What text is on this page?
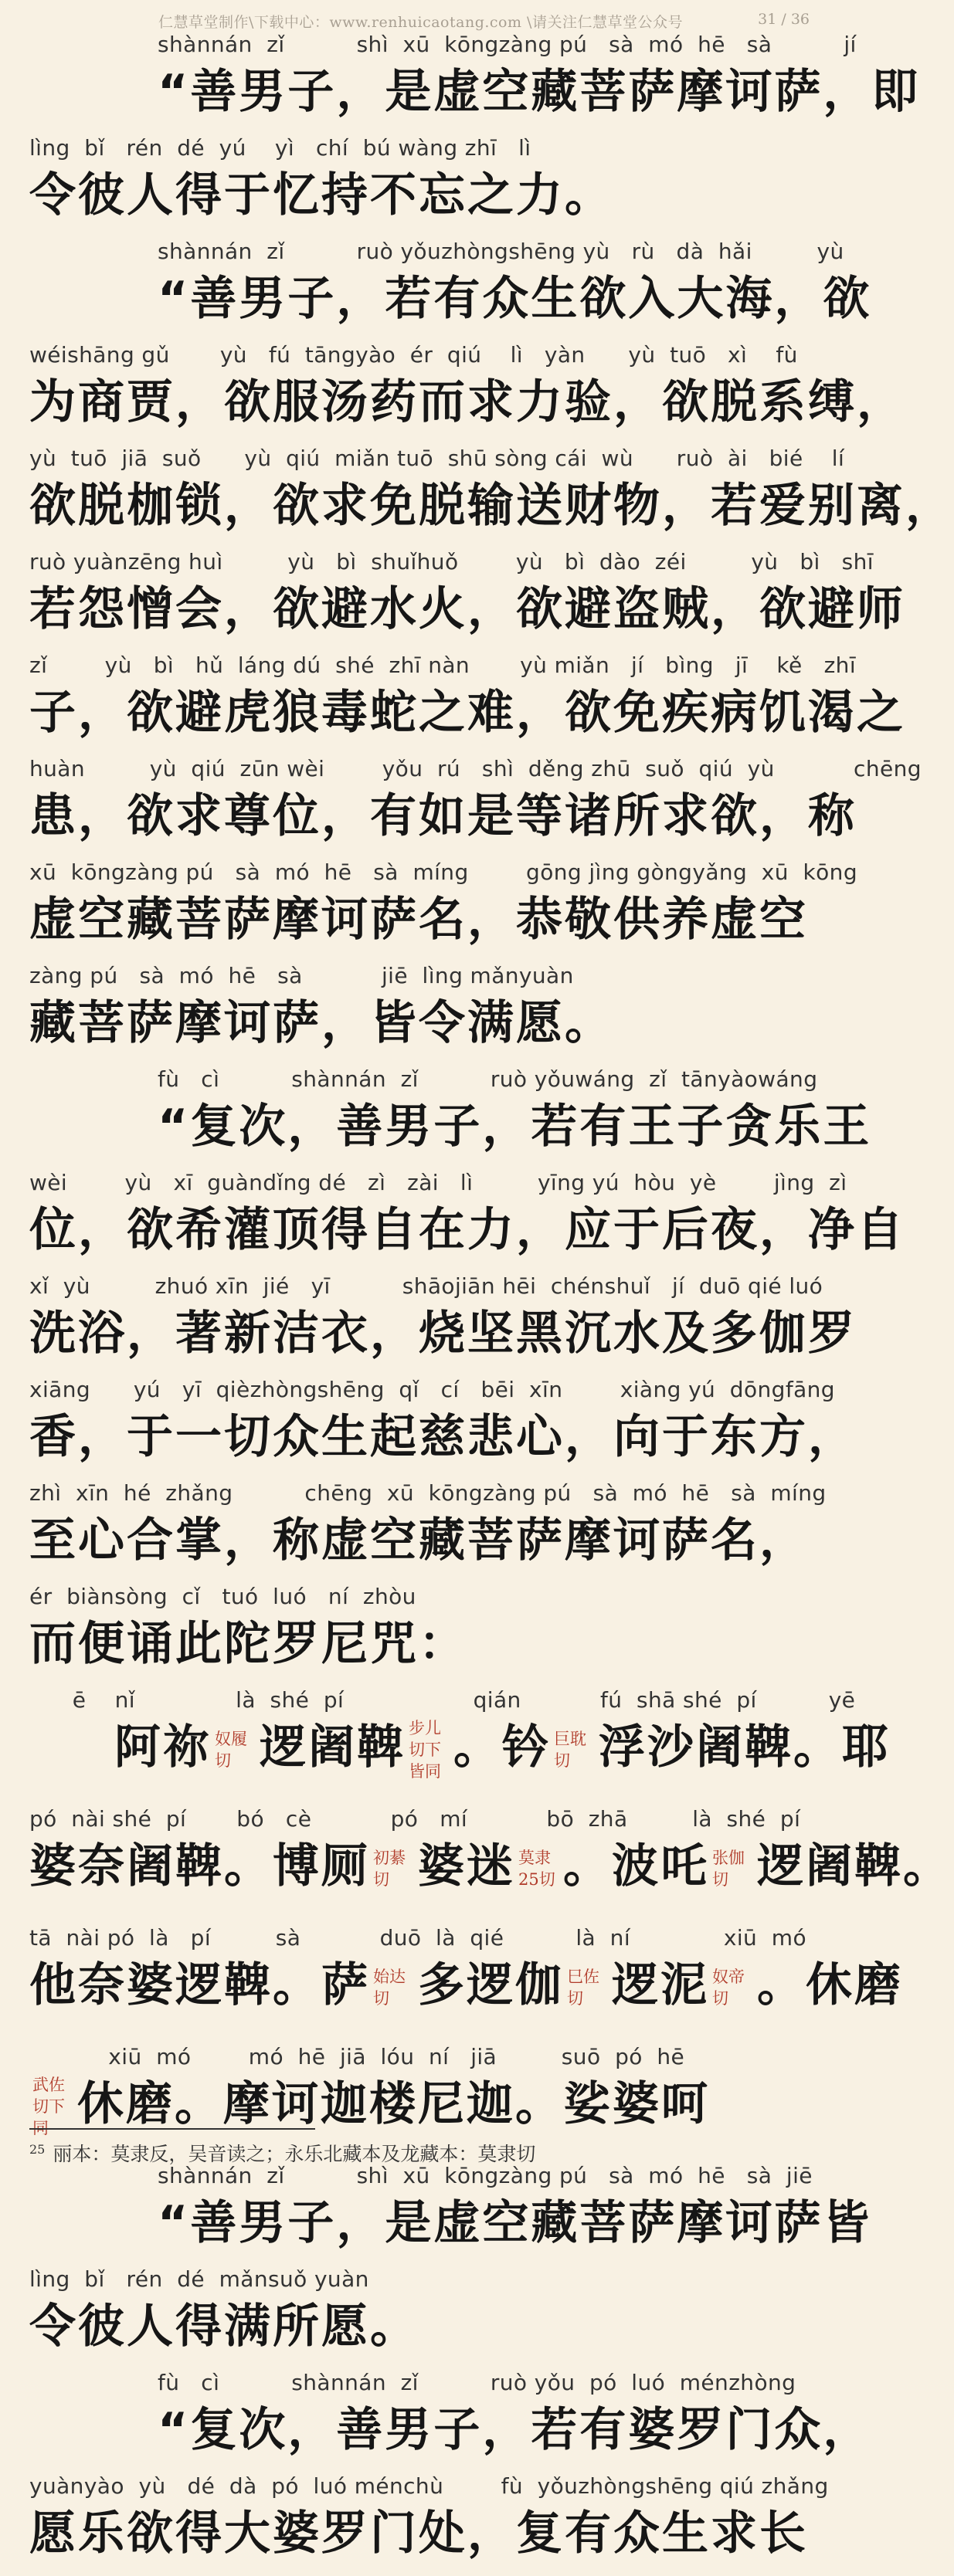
仁慧草堂制作\下载中心：www.renhuicaotang.com \请关注仁慧草堂公众号	31 / 36
shànnán  zǐ          shì  xū  kōngzàng pú   sà  mó  hē   sà          jí
“善男子，是虚空藏菩萨摩诃萨，即
lìng  bǐ   rén  dé  yú    yì   chí  bú wàng zhī   lì
令彼人得于忆持不忘之力。
shànnán  zǐ          ruò yǒuzhòngshēng yù   rù   dà  hǎi         yù
“善男子，若有众生欲入大海，欲
wéishāng gǔ       yù   fú  tāngyào  ér  qiú    lì   yàn      yù  tuō   xì    fù
为商贾，欲服汤药而求力验，欲脱系缚，
yù  tuō  jiā  suǒ      yù  qiú  miǎn tuō  shū sòng cái  wù      ruò  ài   bié    lí
欲脱枷锁，欲求免脱输送财物，若爱别离，
ruò yuànzēng huì         yù   bì  shuǐhuǒ        yù   bì  dào  zéi         yù   bì   shī
若怨憎会，欲避水火，欲避盗贼，欲避师
zǐ        yù   bì   hǔ  láng dú  shé  zhī nàn       yù miǎn   jí   bìng   jī    kě   zhī
子，欲避虎狼毒蛇之难，欲免疾病饥渴之
huàn         yù  qiú  zūn wèi        yǒu  rú   shì  děng zhū  suǒ  qiú  yù           chēng
患，欲求尊位，有如是等诸所求欲，称
xū  kōngzàng pú   sà  mó  hē   sà  míng        gōng jìng gòngyǎng  xū  kōng
虚空藏菩萨摩诃萨名，恭敬供养虚空
zàng pú   sà  mó  hē   sà           jiē  lìng mǎnyuàn
藏菩萨摩诃萨，皆令满愿。
fù   cì          shànnán  zǐ          ruò yǒuwáng  zǐ  tānyàowáng
“复次，善男子，若有王子贪乐王
wèi        yù   xī  guàndǐng dé   zì   zài   lì         yīng yú  hòu  yè        jìng  zì
位，欲希灌顶得自在力，应于后夜，净自
xǐ  yù         zhuó xīn  jié   yī          shāojiān hēi  chénshuǐ   jí  duō qié luó
洗浴，著新洁衣，烧坚黑沉水及多伽罗
xiāng      yú   yī  qièzhòngshēng  qǐ   cí   bēi  xīn        xiàng yú  dōngfāng
香，于一切众生起慈悲心，向于东方，
zhì  xīn  hé  zhǎng          chēng  xū  kōngzàng pú   sà  mó  hē   sà  míng
至心合掌，称虚空藏菩萨摩诃萨名，
ér  biànsòng  cǐ   tuó  luó   ní  zhòu
而便诵此陀罗尼咒：
ē    nǐ              là  shé  pí                  qián           fú  shā shé  pí          yē
阿祢 奴履切 逻阇鞞 步儿切下皆同 。钤 巨耽切 浮沙阇鞞。耶
pó  nài shé  pí       bó   cè           pó   mí           bō  zhā         là  shé  pí
婆奈阇鞞。博厕 初綦切 婆迷 莫隶25切 。波吒 张伽切 逻阇鞞。
tā  nài pó  là   pí         sà           duō  là  qié          là  ní             xiū  mó
他奈婆逻鞞。萨 始达切 多逻伽 巳佐切 逻泥 奴帝切 。休磨
xiū  mó        mó  hē  jiā  lóu  ní   jiā         suō  pó  hē
武佐切下同 休磨。摩诃迦楼尼迦。娑婆呵
shànnán  zǐ          shì  xū  kōngzàng pú   sà  mó  hē   sà  jiē
“善男子，是虚空藏菩萨摩诃萨皆
lìng  bǐ   rén  dé  mǎnsuǒ yuàn
令彼人得满所愿。
fù   cì          shànnán  zǐ          ruò yǒu  pó  luó  ménzhòng
“复次，善男子，若有婆罗门众，
yuànyào  yù   dé  dà  pó  luó ménchù        fù  yǒuzhòngshēng qiú zhǎng
愿乐欲得大婆罗门处，复有众生求长
$^{25}$ 丽本：莫隶反，吴音读之；永乐北藏本及龙藏本：莫隶切
